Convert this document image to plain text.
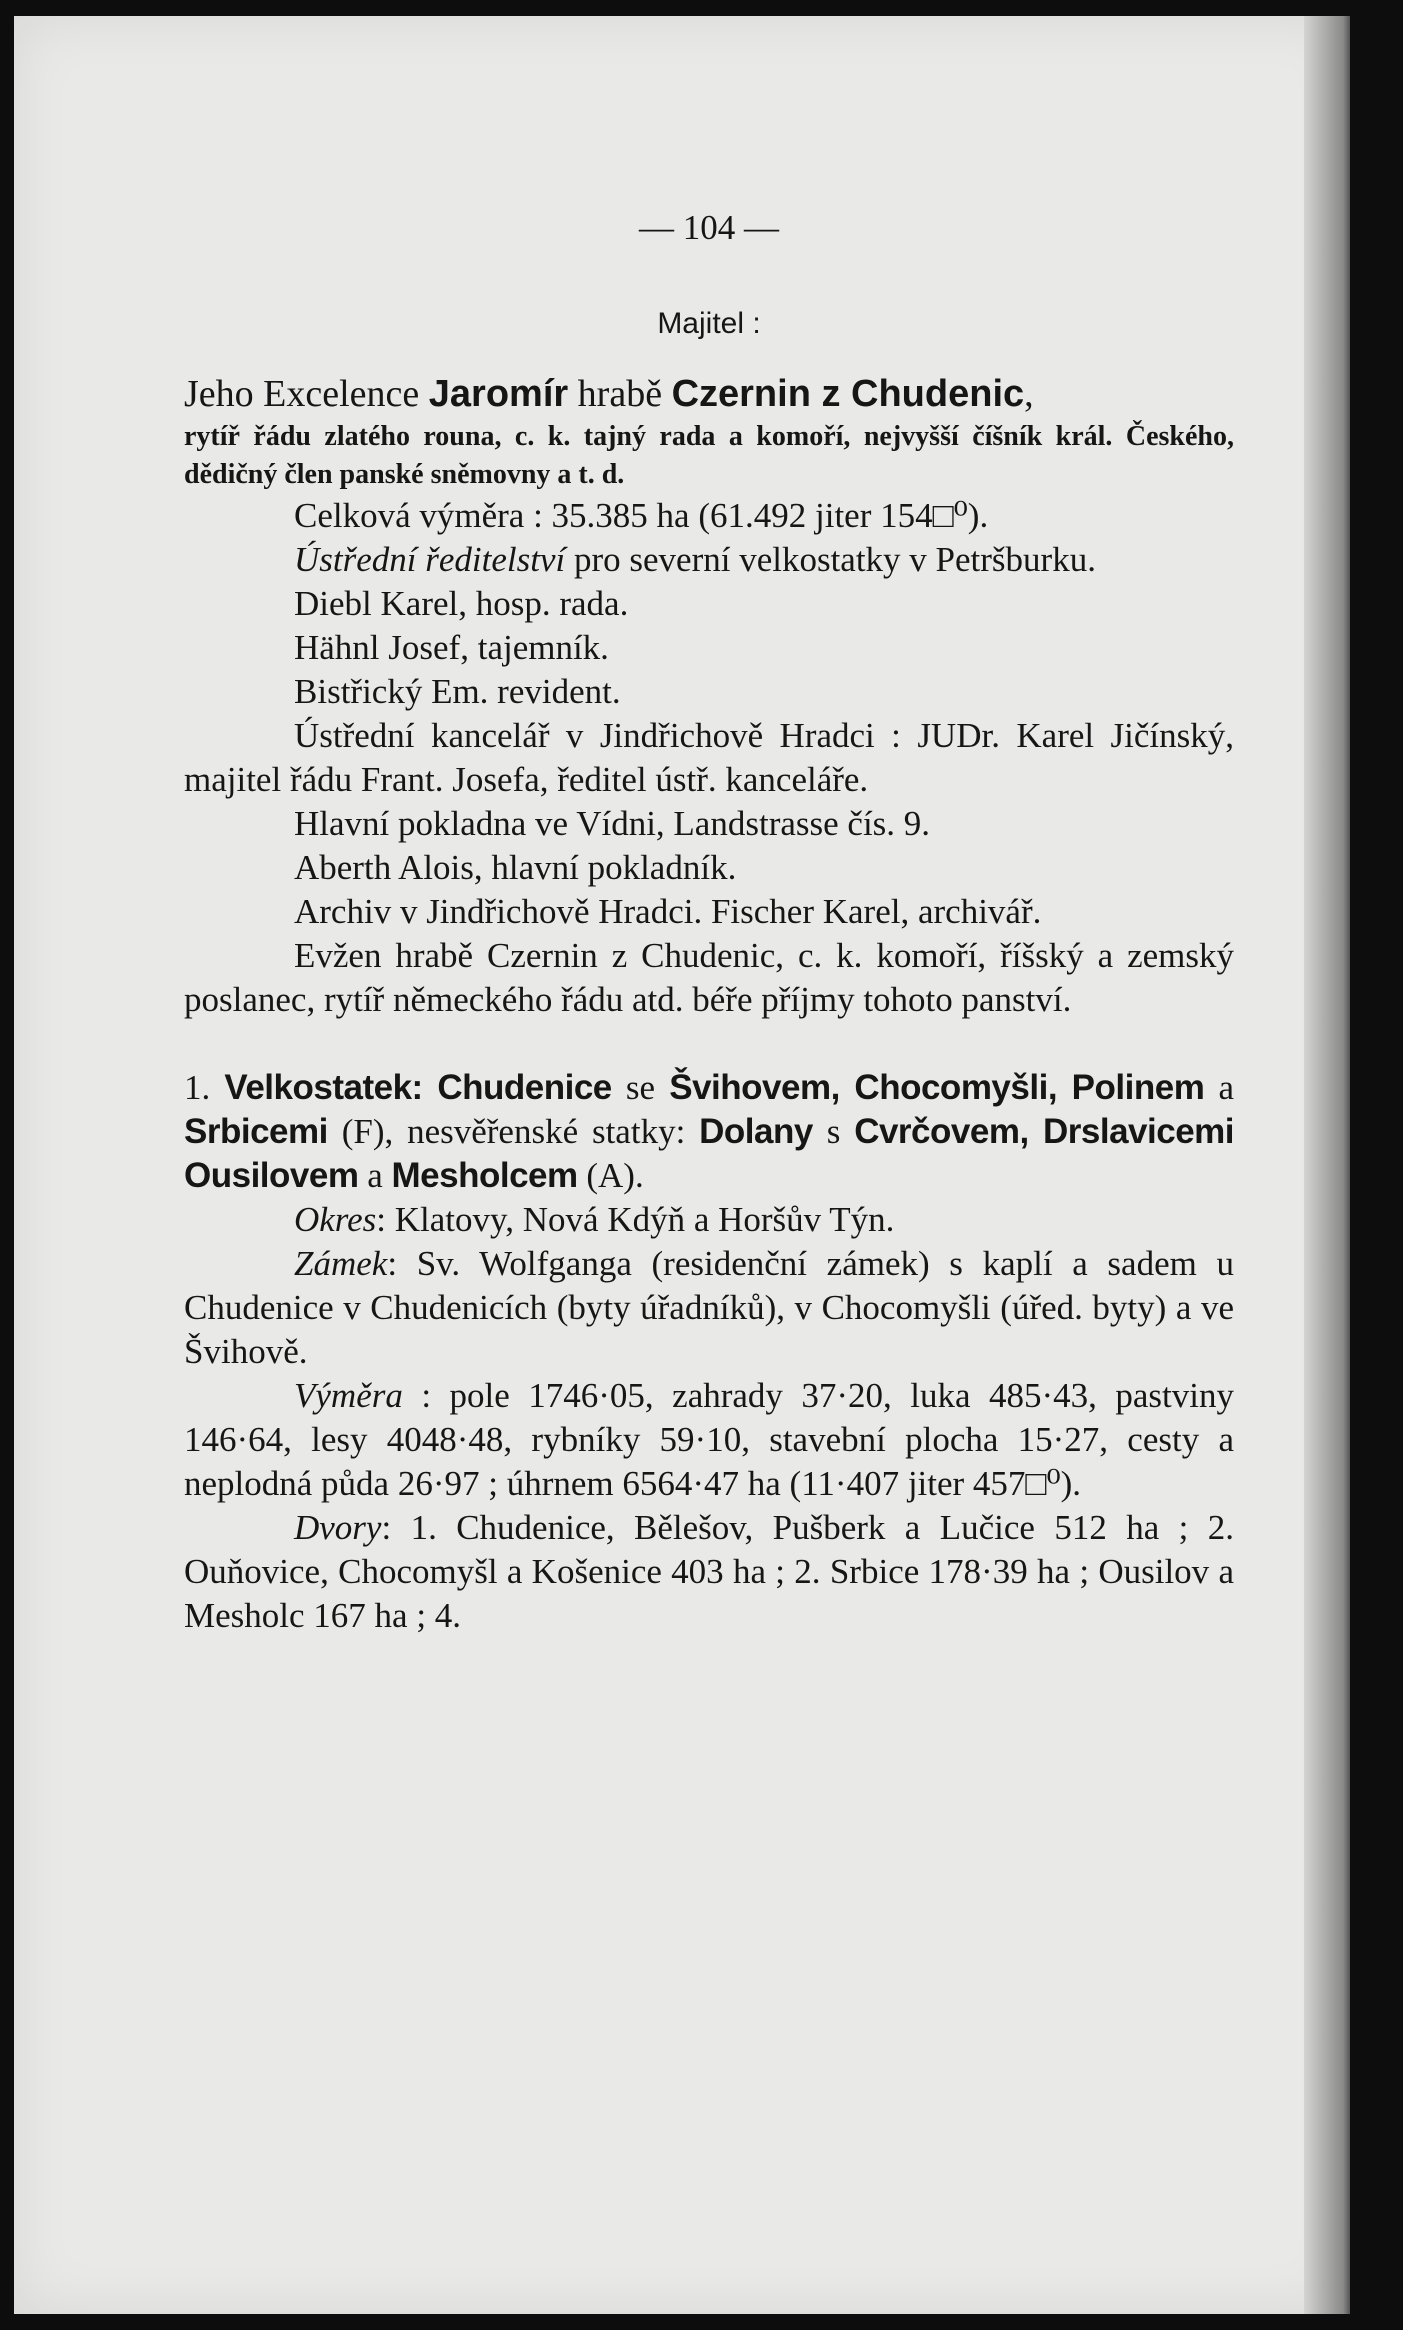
— 104 —

Majitel :

Jeho Excelence Jaromír hrabě Czernin z Chudenic,

rytíř řádu zlatého rouna, c. k. tajný rada a komoří, nejvyšší číšník král. Českého, dědičný člen panské sněmovny a t. d.

Celková výměra : 35.385 ha (61.492 jiter 154□⁰).

Ústřední ředitelství pro severní velkostatky v Petršburku.

Diebl Karel, hosp. rada.

Hähnl Josef, tajemník.

Bistřický Em. revident.

Ústřední kancelář v Jindřichově Hradci : JUDr. Karel Jičínský, majitel řádu Frant. Josefa, ředitel ústř. kanceláře.

Hlavní pokladna ve Vídni, Landstrasse čís. 9.

Aberth Alois, hlavní pokladník.

Archiv v Jindřichově Hradci. Fischer Karel, archivář.

Evžen hrabě Czernin z Chudenic, c. k. komoří, říšský a zemský poslanec, rytíř německého řádu atd. béře příjmy tohoto panství.

1. Velkostatek: Chudenice se Švihovem, Chocomyšli, Polinem a Srbicemi (F), nesvěřenské statky: Dolany s Cvrčovem, Drslavicemi Ousilovem a Mesholcem (A).

Okres: Klatovy, Nová Kdýň a Horšův Týn.

Zámek: Sv. Wolfganga (residenční zámek) s kaplí a sadem u Chudenice v Chudenicích (byty úřadníků), v Chocomyšli (úřed. byty) a ve Švihově.

Výměra : pole 1746·05, zahrady 37·20, luka 485·43, pastviny 146·64, lesy 4048·48, rybníky 59·10, stavební plocha 15·27, cesty a neplodná půda 26·97 ; úhrnem 6564·47 ha (11·407 jiter 457□⁰).

Dvory: 1. Chudenice, Bělešov, Pušberk a Lučice 512 ha ; 2. Ouňovice, Chocomyšl a Košenice 403 ha ; 2. Srbice 178·39 ha ; Ousilov a Mesholc 167 ha ; 4.
